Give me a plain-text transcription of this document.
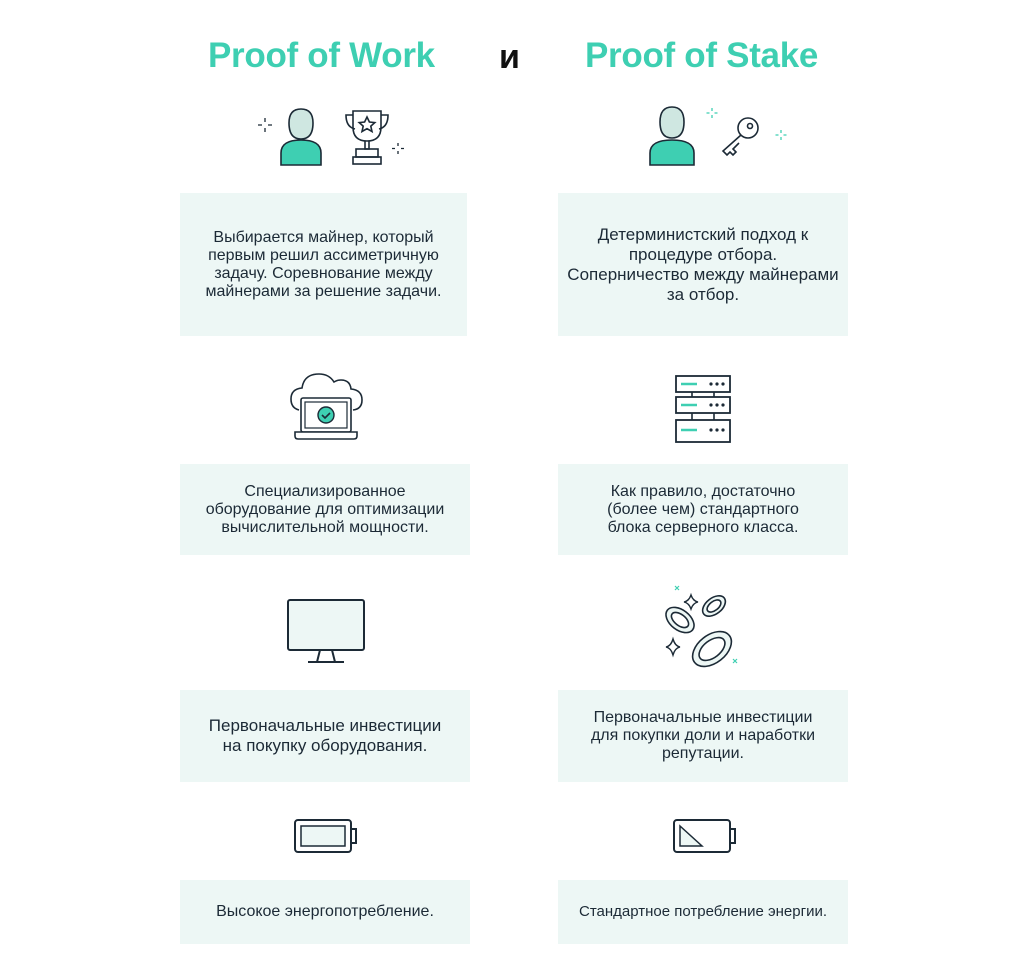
Proof of Work и Proof of Stake
Выбирается майнер, который первым решил ассиметричную задачу. Соревнование между майнерами за решение задачи.
Специализированное оборудование для оптимизации вычислительной мощности.
Первоначальные инвестиции на покупку оборудования.
Высокое энергопотребление.
Детерминистский подход к процедуре отбора. Соперничество между майнерами за отбор.
Как правило, достаточно (более чем) стандартного блока серверного класса.
Первоначальные инвестиции для покупки доли и наработки репутации.
Стандартное потребление энергии.
